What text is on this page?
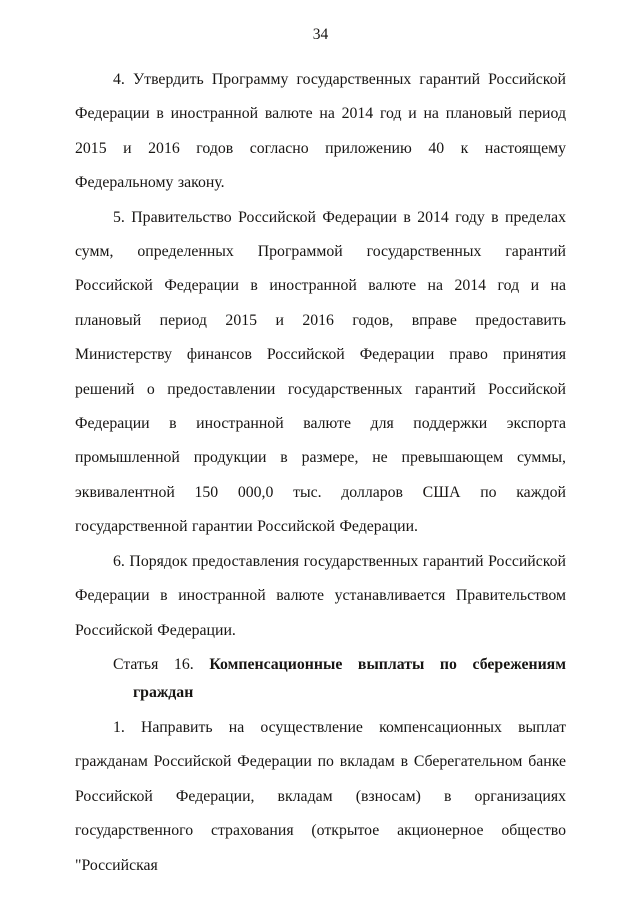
34

4. Утвердить Программу государственных гарантий Российской Федерации в иностранной валюте на 2014 год и на плановый период 2015 и 2016 годов согласно приложению 40 к настоящему Федеральному закону.

5. Правительство Российской Федерации в 2014 году в пределах сумм, определенных Программой государственных гарантий Российской Федерации в иностранной валюте на 2014 год и на плановый период 2015 и 2016 годов, вправе предоставить Министерству финансов Российской Федерации право принятия решений о предоставлении государственных гарантий Российской Федерации в иностранной валюте для поддержки экспорта промышленной продукции в размере, не превышающем суммы, эквивалентной 150 000,0 тыс. долларов США по каждой государственной гарантии Российской Федерации.

6. Порядок предоставления государственных гарантий Российской Федерации в иностранной валюте устанавливается Правительством Российской Федерации.

Статья 16. Компенсационные выплаты по сбережениям граждан

1. Направить на осуществление компенсационных выплат гражданам Российской Федерации по вкладам в Сберегательном банке Российской Федерации, вкладам (взносам) в организациях государственного страхования (открытое акционерное общество "Российская
